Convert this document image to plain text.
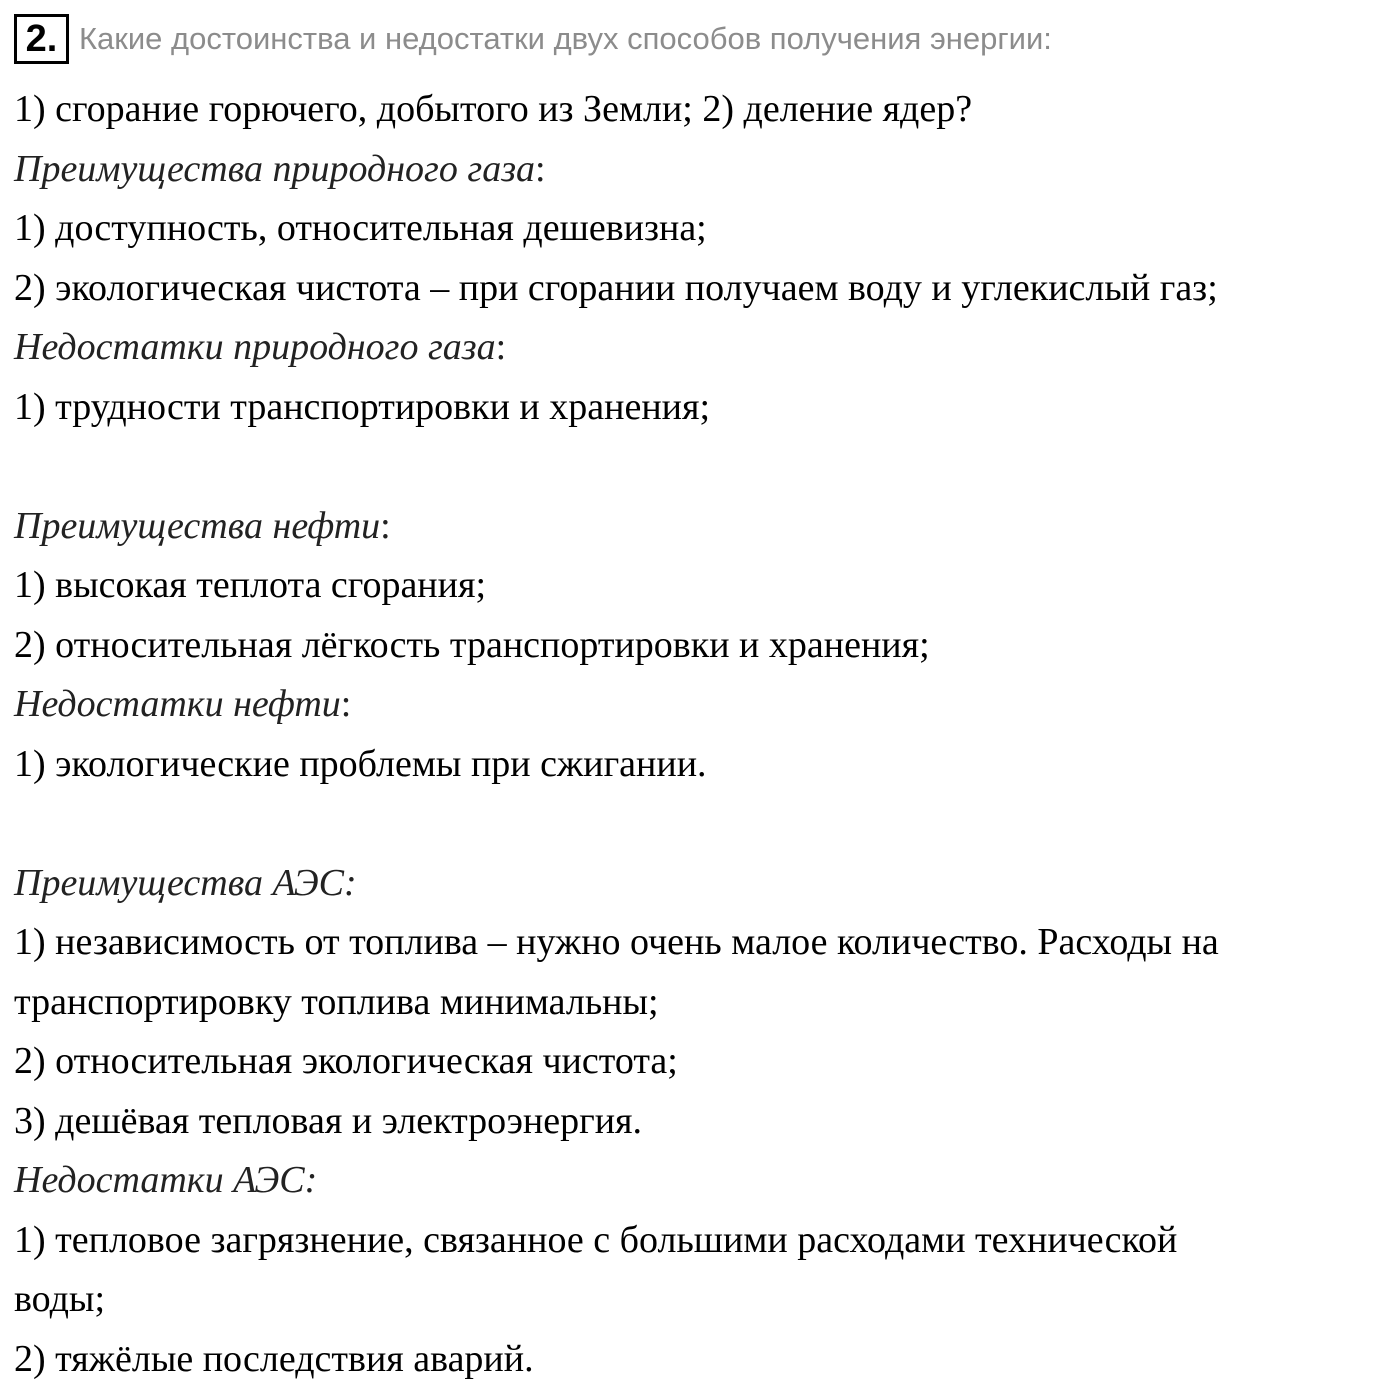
2. Какие достоинства и недостатки двух способов получения энергии:
1) сгорание горючего, добытого из Земли; 2) деление ядер?
Преимущества природного газа:
1) доступность, относительная дешевизна;
2) экологическая чистота – при сгорании получаем воду и углекислый газ;
Недостатки природного газа:
1) трудности транспортировки и хранения;
Преимущества нефти:
1) высокая теплота сгорания;
2) относительная лёгкость транспортировки и хранения;
Недостатки нефти:
1) экологические проблемы при сжигании.
Преимущества АЭС:
1) независимость от топлива – нужно очень малое количество. Расходы на
транспортировку топлива минимальны;
2) относительная экологическая чистота;
3) дешёвая тепловая и электроэнергия.
Недостатки АЭС:
1) тепловое загрязнение, связанное с большими расходами технической
воды;
2) тяжёлые последствия аварий.
